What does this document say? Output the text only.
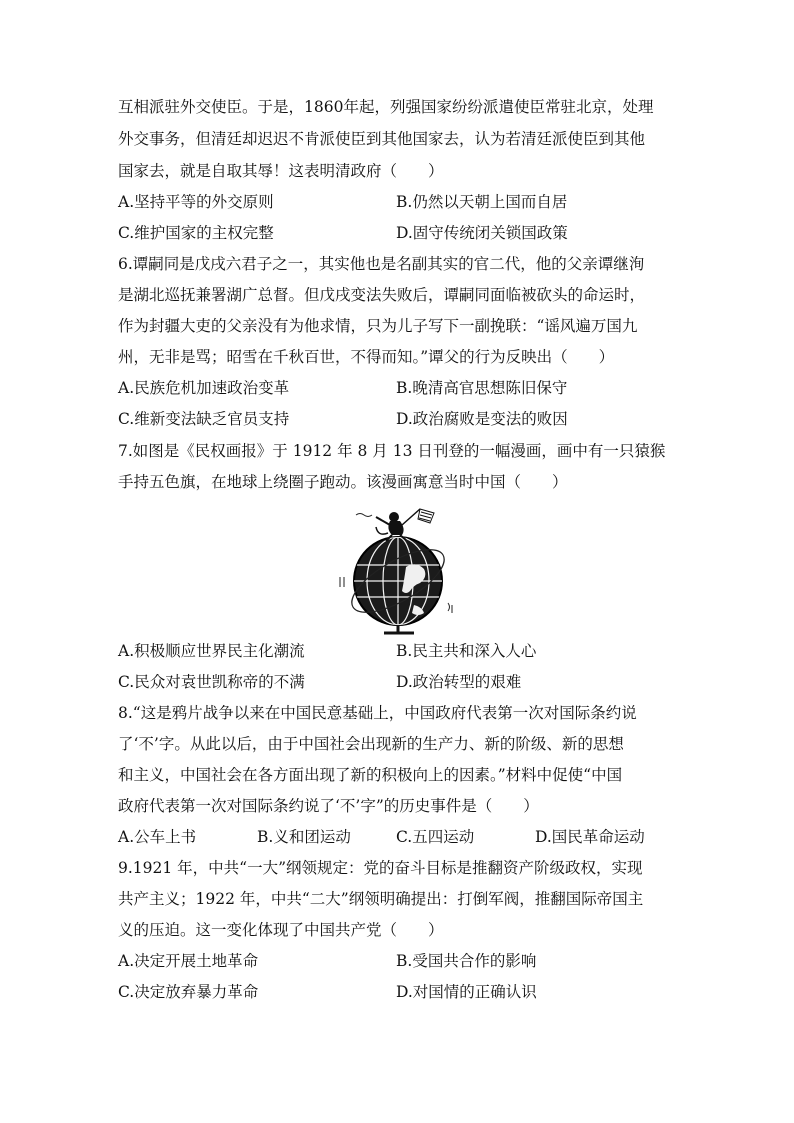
互相派驻外交使臣。于是，1860年起，列强国家纷纷派遣使臣常驻北京，处理
外交事务，但清廷却迟迟不肯派使臣到其他国家去，认为若清廷派使臣到其他
国家去，就是自取其辱！这表明清政府（　　）
A.坚持平等的外交原则	B.仍然以天朝上国而自居
C.维护国家的主权完整	D.固守传统闭关锁国政策
6.谭嗣同是戊戌六君子之一，其实他也是名副其实的官二代，他的父亲谭继洵
是湖北巡抚兼署湖广总督。但戊戌变法失败后，谭嗣同面临被砍头的命运时，
作为封疆大吏的父亲没有为他求情，只为儿子写下一副挽联：“谣风遍万国九
州，无非是骂；昭雪在千秋百世，不得而知。”谭父的行为反映出（　　）
A.民族危机加速政治变革	B.晚清高官思想陈旧保守
C.维新变法缺乏官员支持	D.政治腐败是变法的败因
7.如图是《民权画报》于 1912 年 8 月 13 日刊登的一幅漫画，画中有一只猿猴
手持五色旗，在地球上绕圈子跑动。该漫画寓意当时中国（　　）
A.积极顺应世界民主化潮流	B.民主共和深入人心
C.民众对袁世凯称帝的不满	D.政治转型的艰难
8.“这是鸦片战争以来在中国民意基础上，中国政府代表第一次对国际条约说
了‘不’字。从此以后，由于中国社会出现新的生产力、新的阶级、新的思想
和主义，中国社会在各方面出现了新的积极向上的因素。”材料中促使“中国
政府代表第一次对国际条约说了‘不’字”的历史事件是（　　）
A.公车上书	B.义和团运动	C.五四运动	D.国民革命运动
9.1921 年，中共“一大”纲领规定：党的奋斗目标是推翻资产阶级政权，实现
共产主义；1922 年，中共“二大”纲领明确提出：打倒军阀，推翻国际帝国主
义的压迫。这一变化体现了中国共产党（　　）
A.决定开展土地革命	B.受国共合作的影响
C.决定放弃暴力革命	D.对国情的正确认识
